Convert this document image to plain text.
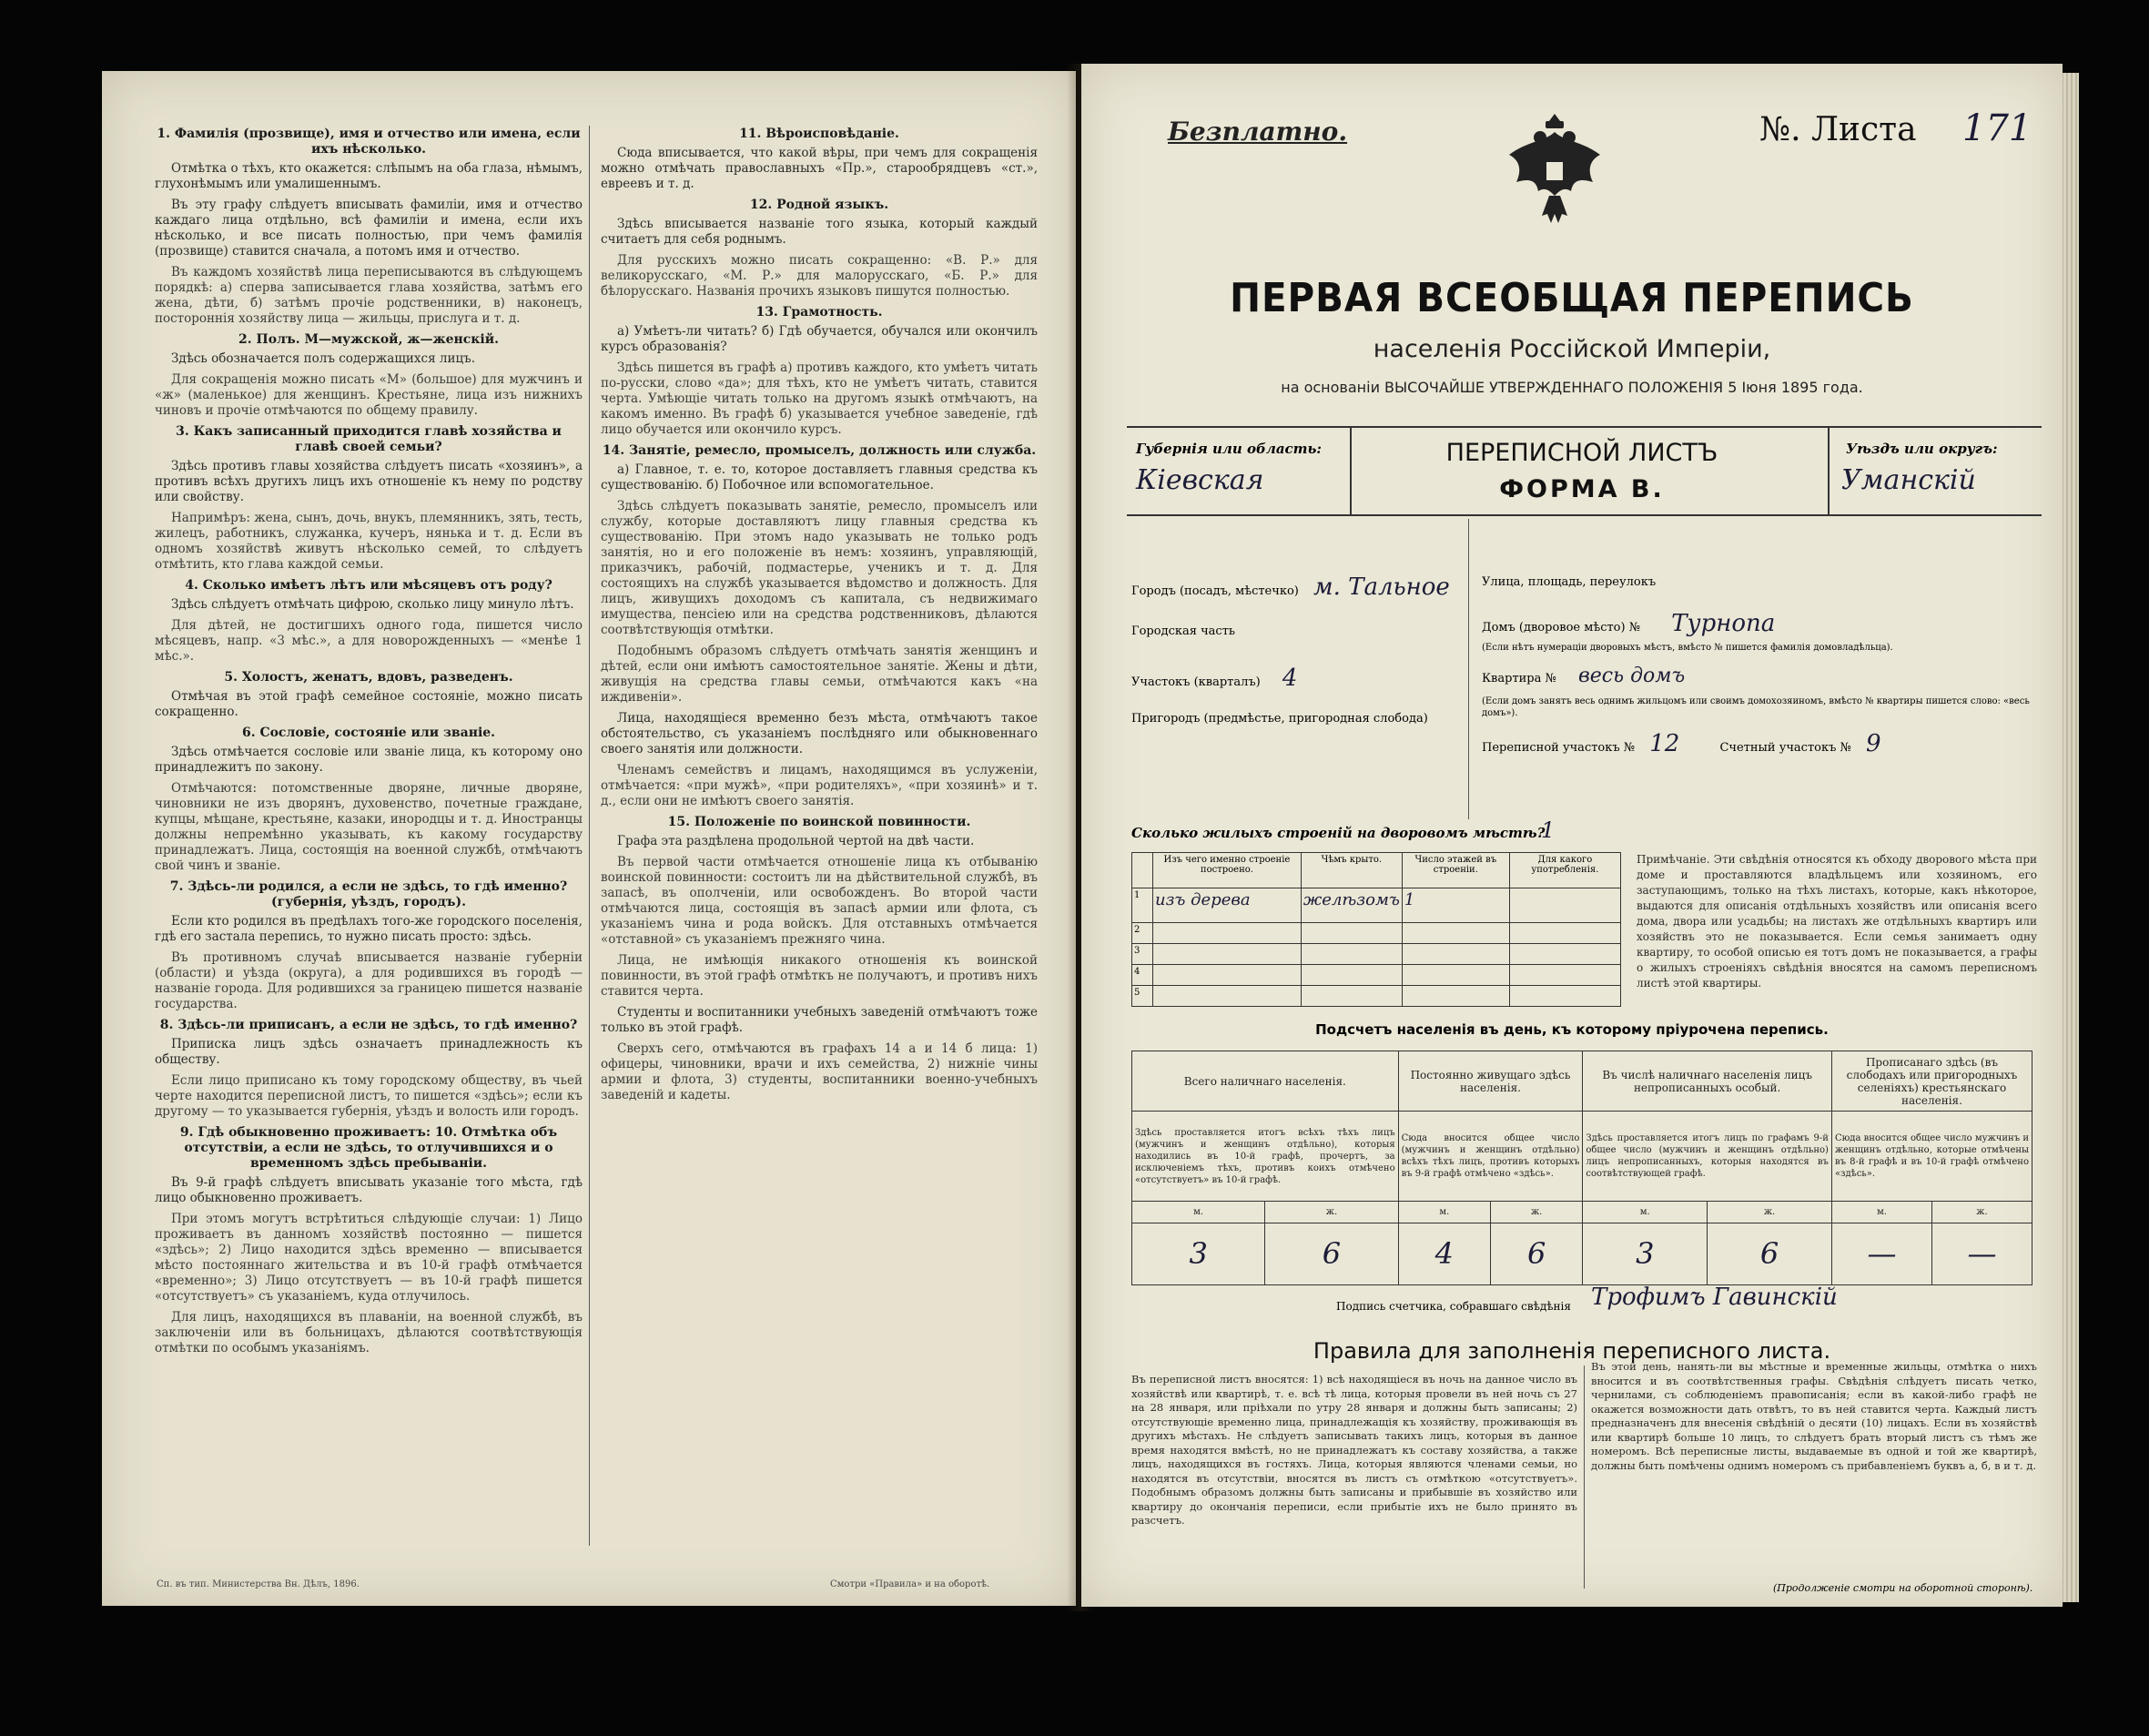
1. Фамилія (прозвище), имя и отчество или имена, если ихъ нѣсколько.

Отмѣтка о тѣхъ, кто окажется: слѣпымъ на оба глаза, нѣмымъ, глухонѣмымъ или умалишеннымъ.

Въ эту графу слѣдуетъ вписывать фамиліи, имя и отчество каждаго лица отдѣльно, всѣ фамиліи и имена, если ихъ нѣсколько, и все писать полностью, при чемъ фамилія (прозвище) ставится сначала, а потомъ имя и отчество.

Въ каждомъ хозяйствѣ лица переписываются въ слѣдующемъ порядкѣ: а) сперва записывается глава хозяйства, затѣмъ его жена, дѣти, б) затѣмъ прочіе родственники, в) наконецъ, постороннія хозяйству лица — жильцы, прислуга и т. д.

2. Полъ. М—мужской, ж—женскій.

Здѣсь обозначается полъ содержащихся лицъ.

Для сокращенія можно писать «М» (большое) для мужчинъ и «ж» (маленькое) для женщинъ. Крестьяне, лица изъ нижнихъ чиновъ и прочіе отмѣчаются по общему правилу.

3. Какъ записанный приходится главѣ хозяйства и главѣ своей семьи?

Здѣсь противъ главы хозяйства слѣдуетъ писать «хозяинъ», а противъ всѣхъ другихъ лицъ ихъ отношеніе къ нему по родству или свойству.

Напримѣръ: жена, сынъ, дочь, внукъ, племянникъ, зять, тесть, жилецъ, работникъ, служанка, кучеръ, нянька и т. д. Если въ одномъ хозяйствѣ живутъ нѣсколько семей, то слѣдуетъ отмѣтить, кто глава каждой семьи.

4. Сколько имѣетъ лѣтъ или мѣсяцевъ отъ роду?

Здѣсь слѣдуетъ отмѣчать цифрою, сколько лицу минуло лѣтъ.

Для дѣтей, не достигшихъ одного года, пишется число мѣсяцевъ, напр. «3 мѣс.», а для новорожденныхъ — «менѣе 1 мѣс.».

5. Холостъ, женатъ, вдовъ, разведенъ.

Отмѣчая въ этой графѣ семейное состояніе, можно писать сокращенно.

6. Сословіе, состояніе или званіе.

Здѣсь отмѣчается сословіе или званіе лица, къ которому оно принадлежитъ по закону.

Отмѣчаются: потомственные дворяне, личные дворяне, чиновники не изъ дворянъ, духовенство, почетные граждане, купцы, мѣщане, крестьяне, казаки, инородцы и т. д. Иностранцы должны непремѣнно указывать, къ какому государству принадлежатъ. Лица, состоящія на военной службѣ, отмѣчаютъ свой чинъ и званіе.

7. Здѣсь-ли родился, а если не здѣсь, то гдѣ именно? (губернія, уѣздъ, городъ).

Если кто родился въ предѣлахъ того-же городского поселенія, гдѣ его застала перепись, то нужно писать просто: здѣсь.

Въ противномъ случаѣ вписывается названіе губерніи (области) и уѣзда (округа), а для родившихся въ городѣ — названіе города. Для родившихся за границею пишется названіе государства.

8. Здѣсь-ли приписанъ, а если не здѣсь, то гдѣ именно?

Приписка лицъ здѣсь означаетъ принадлежность къ обществу.

Если лицо приписано къ тому городскому обществу, въ чьей черте находится переписной листъ, то пишется «здѣсь»; если къ другому — то указывается губернія, уѣздъ и волость или городъ.

9. Гдѣ обыкновенно проживаетъ: 10. Отмѣтка объ отсутствіи, а если не здѣсь, то отлучившихся и о временномъ здѣсь пребываніи.

Въ 9-й графѣ слѣдуетъ вписывать указаніе того мѣста, гдѣ лицо обыкновенно проживаетъ.

При этомъ могутъ встрѣтиться слѣдующіе случаи: 1) Лицо проживаетъ въ данномъ хозяйствѣ постоянно — пишется «здѣсь»; 2) Лицо находится здѣсь временно — вписывается мѣсто постояннаго жительства и въ 10-й графѣ отмѣчается «временно»; 3) Лицо отсутствуетъ — въ 10-й графѣ пишется «отсутствуетъ» съ указаніемъ, куда отлучилось.

Для лицъ, находящихся въ плаваніи, на военной службѣ, въ заключеніи или въ больницахъ, дѣлаются соотвѣтствующія отмѣтки по особымъ указаніямъ.

11. Вѣроисповѣданіе.

Сюда вписывается, что какой вѣры, при чемъ для сокращенія можно отмѣчать православныхъ «Пр.», старообрядцевъ «ст.», евреевъ и т. д.

12. Родной языкъ.

Здѣсь вписывается названіе того языка, который каждый считаетъ для себя роднымъ.

Для русскихъ можно писать сокращенно: «В. Р.» для великорусскаго, «М. Р.» для малорусскаго, «Б. Р.» для бѣлорусскаго. Названія прочихъ языковъ пишутся полностью.

13. Грамотность.

а) Умѣетъ-ли читать? б) Гдѣ обучается, обучался или окончилъ курсъ образованія?

Здѣсь пишется въ графѣ а) противъ каждого, кто умѣетъ читать по-русски, слово «да»; для тѣхъ, кто не умѣетъ читать, ставится черта. Умѣющіе читать только на другомъ языкѣ отмѣчаютъ, на какомъ именно. Въ графѣ б) указывается учебное заведеніе, гдѣ лицо обучается или окончило курсъ.

14. Занятіе, ремесло, промыселъ, должность или служба.

а) Главное, т. е. то, которое доставляетъ главныя средства къ существованію. б) Побочное или вспомогательное.

Здѣсь слѣдуетъ показывать занятіе, ремесло, промыселъ или службу, которые доставляютъ лицу главныя средства къ существованію. При этомъ надо указывать не только родъ занятія, но и его положеніе въ немъ: хозяинъ, управляющій, приказчикъ, рабочій, подмастерье, ученикъ и т. д. Для состоящихъ на службѣ указывается вѣдомство и должность. Для лицъ, живущихъ доходомъ съ капитала, съ недвижимаго имущества, пенсіею или на средства родственниковъ, дѣлаются соотвѣтствующія отмѣтки.

Подобнымъ образомъ слѣдуетъ отмѣчать занятія женщинъ и дѣтей, если они имѣютъ самостоятельное занятіе. Жены и дѣти, живущія на средства главы семьи, отмѣчаются какъ «на иждивеніи».

Лица, находящіеся временно безъ мѣста, отмѣчаютъ такое обстоятельство, съ указаніемъ послѣдняго или обыкновеннаго своего занятія или должности.

Членамъ семействъ и лицамъ, находящимся въ услуженіи, отмѣчается: «при мужѣ», «при родителяхъ», «при хозяинѣ» и т. д., если они не имѣютъ своего занятія.

15. Положеніе по воинской повинности.

Графа эта раздѣлена продольной чертой на двѣ части.

Въ первой части отмѣчается отношеніе лица къ отбыванію воинской повинности: состоитъ ли на дѣйствительной службѣ, въ запасѣ, въ ополченіи, или освобожденъ. Во второй части отмѣчаются лица, состоящія въ запасѣ армии или флота, съ указаніемъ чина и рода войскъ. Для отставныхъ отмѣчается «отставной» съ указаніемъ прежняго чина.

Лица, не имѣющія никакого отношенія къ воинской повинности, въ этой графѣ отмѣткъ не получаютъ, и противъ нихъ ставится черта.

Студенты и воспитанники учебныхъ заведеній отмѣчаютъ тоже только въ этой графѣ.

Сверхъ сего, отмѣчаются въ графахъ 14 а и 14 б лица: 1) офицеры, чиновники, врачи и ихъ семейства, 2) нижніе чины армии и флота, 3) студенты, воспитанники военно-учебныхъ заведеній и кадеты.

Сп. въ тип. Министерства Вн. Дѣлъ, 1896.	Смотри «Правила» и на оборотѣ.
Безплатно.	№. Листа 171
ПЕРВАЯ ВСЕОБЩАЯ ПЕРЕПИСЬ
населенія Россійской Имперіи,
на основаніи ВЫСОЧАЙШЕ УТВЕРЖДЕННАГО ПОЛОЖЕНІЯ 5 Іюня 1895 года.
Губернія или область:
Кіевская
ПЕРЕПИСНОЙ ЛИСТЪ
ФОРМА В.
Уѣздъ или округъ:
Уманскій
Городъ (посадъ, мѣстечко) м. Тальное
Городская часть
Участокъ (кварталъ) 4
Пригородъ (предмѣстье, пригородная слобода)
Улица, площадь, переулокъ
Домъ (дворовое мѣсто) № Турнопа
(Если нѣтъ нумераціи дворовыхъ мѣстъ, вмѣсто № пишется фамилія домовладѣльца).
Квартира № весь домъ
(Если домъ занятъ весь однимъ жильцомъ или своимъ домохозяиномъ, вмѣсто № квартиры пишется слово: «весь домъ»).
Переписной участокъ № 12	Счетный участокъ № 9
Сколько жилыхъ строеній на дворовомъ мѣстѣ?
1
	Изъ чего именно строеніе построено.	Чѣмъ крыто.	Число этажей въ строеніи.	Для какого употребленія.
1	изъ дерева	желѣзомъ	1	
2				
3				
4				
5				
Примѣчаніе. Эти свѣдѣнія относятся къ обходу дворового мѣста при доме и проставляются владѣльцемъ или хозяиномъ, его заступающимъ, только на тѣхъ листахъ, которые, какъ нѣкоторое, выдаются для описанія отдѣльныхъ хозяйствъ или описанія всего дома, двора или усадьбы; на листахъ же отдѣльныхъ квартиръ или хозяйствъ это не показывается. Если семья занимаетъ одну квартиру, то особой описью ея тотъ домъ не показывается, а графы о жилыхъ строеніяхъ свѣдѣнія вносятся на самомъ переписномъ листѣ этой квартиры.
Подсчетъ населенія въ день, къ которому пріурочена перепись.
Всего наличнаго населенія.		Постоянно живущаго здѣсь населенія.		Въ числѣ наличнаго населенія лицъ непрописанныхъ особый.		Прописанаго здѣсь (въ слободахъ или пригородныхъ селеніяхъ) крестьянскаго населенія.	
Здѣсь проставляется итогъ всѣхъ тѣхъ лицъ (мужчинъ и женщинъ отдѣльно), которыя находились въ 10-й графѣ, прочертъ, за исключеніемъ тѣхъ, противъ коихъ отмѣчено «отсутствуетъ» въ 10-й графѣ.		Сюда вносится общее число (мужчинъ и женщинъ отдѣльно) всѣхъ тѣхъ лицъ, противъ которыхъ въ 9-й графѣ отмѣчено «здѣсь».		Здѣсь проставляется итогъ лицъ по графамъ 9-й общее число (мужчинъ и женщинъ отдѣльно) лицъ непрописанныхъ, которыя находятся въ соотвѣтствующей графѣ.		Сюда вносится общее число мужчинъ и женщинъ отдѣльно, которые отмѣчены въ 8-й графѣ и въ 10-й графѣ отмѣчено «здѣсь».	
м.	ж.	м.	ж.	м.	ж.	м.	ж.
3	6	4	6	3	6	—	—
Подпись счетчика, собравшаго свѣдѣнія Трофимъ Гавинскій
Правила для заполненія переписного листа.
Въ переписной листъ вносятся: 1) всѣ находящіеся въ ночь на данное число въ хозяйствѣ или квартирѣ, т. е. всѣ тѣ лица, которыя провели въ ней ночь съ 27 на 28 января, или пріѣхали по утру 28 января и должны быть записаны; 2) отсутствующіе временно лица, принадлежащія къ хозяйству, проживающія въ другихъ мѣстахъ. Не слѣдуетъ записывать такихъ лицъ, которыя въ данное время находятся вмѣстѣ, но не принадлежатъ къ составу хозяйства, а также лицъ, находящихся въ гостяхъ. Лица, которыя являются членами семьи, но находятся въ отсутствіи, вносятся въ листъ съ отмѣткою «отсутствуетъ». Подобнымъ образомъ должны быть записаны и прибывшіе въ хозяйство или квартиру до окончанія переписи, если прибытіе ихъ не было принято въ разсчетъ.
Въ этой день, нанять-ли вы мѣстные и временные жильцы, отмѣтка о нихъ вносится и въ соотвѣтственныя графы. Свѣдѣнія слѣдуетъ писать четко, чернилами, съ соблюденіемъ правописанія; если въ какой-либо графѣ не окажется возможности дать отвѣтъ, то въ ней ставится черта. Каждый листъ предназначенъ для внесенія свѣдѣній о десяти (10) лицахъ. Если въ хозяйствѣ или квартирѣ больше 10 лицъ, то слѣдуетъ брать вторый листъ съ тѣмъ же номеромъ. Всѣ переписные листы, выдаваемые въ одной и той же квартирѣ, должны быть помѣчены однимъ номеромъ съ прибавленіемъ буквъ а, б, в и т. д.
(Продолженіе смотри на оборотной сторонѣ).
